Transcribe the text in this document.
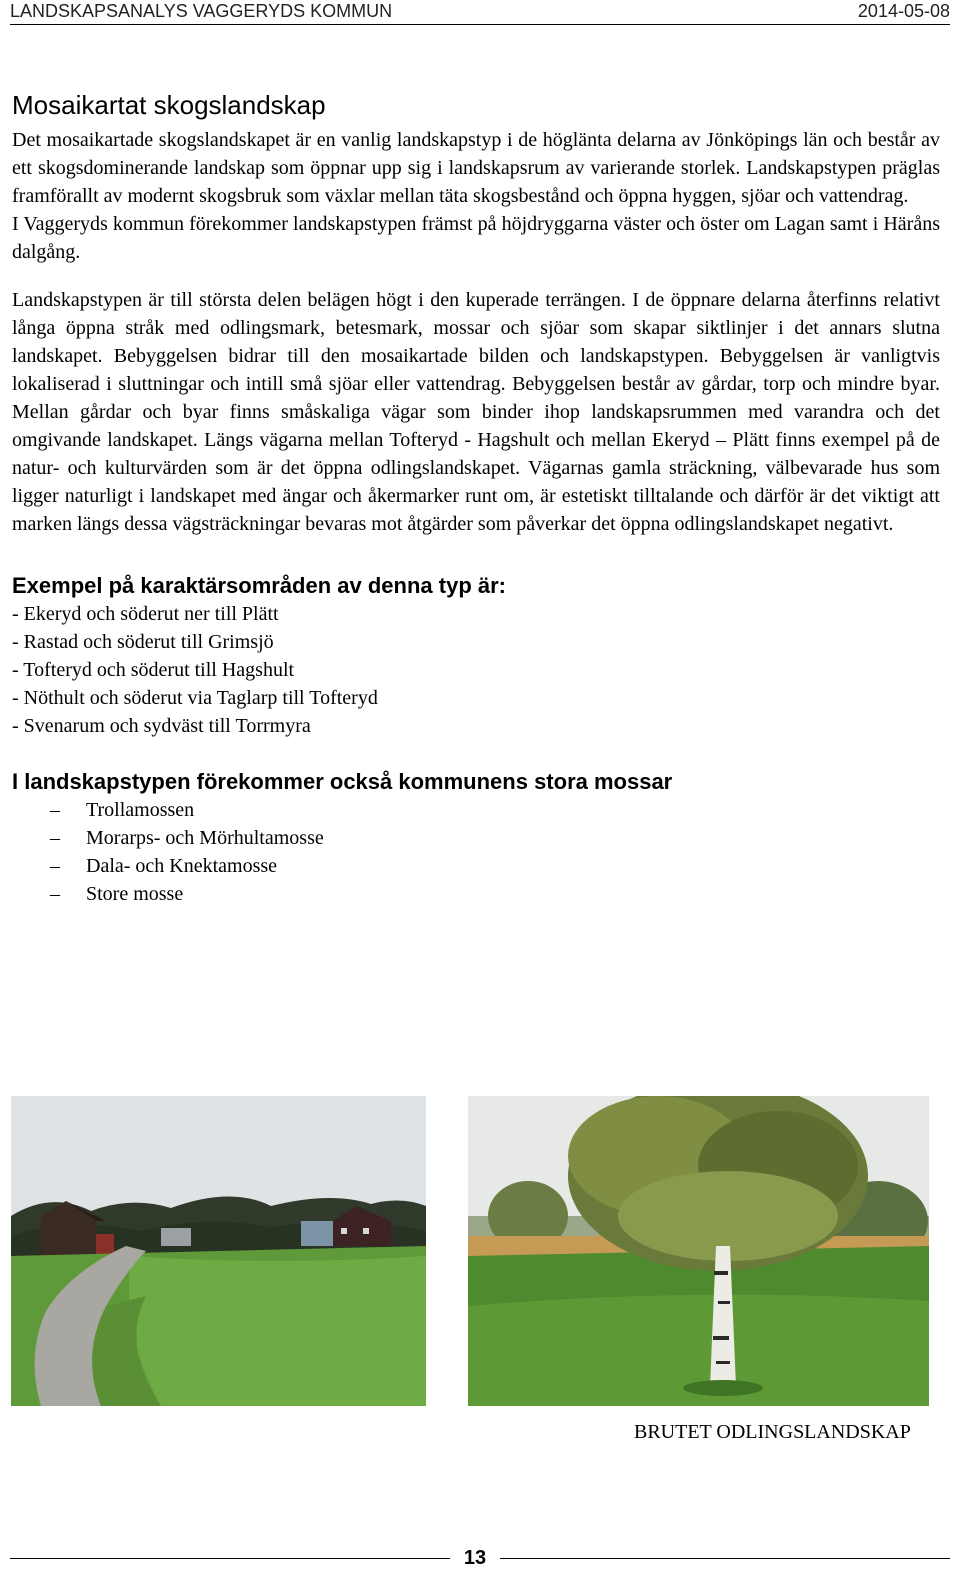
LANDSKAPSANALYS VAGGERYDS KOMMUN	2014-05-08
Mosaikartat skogslandskap

Det mosaikartade skogslandskapet är en vanlig landskapstyp i de höglänta delarna av Jönköpings län och består av ett skogsdominerande landskap som öppnar upp sig i landskapsrum av varierande storlek. Landskapstypen präglas framförallt av modernt skogsbruk som växlar mellan täta skogsbestånd och öppna hyggen, sjöar och vattendrag.

I Vaggeryds kommun förekommer landskapstypen främst på höjdryggarna väster och öster om Lagan samt i Häråns dalgång.

Landskapstypen är till största delen belägen högt i den kuperade terrängen. I de öppnare delarna återfinns relativt långa öppna stråk med odlingsmark, betesmark, mossar och sjöar som skapar siktlinjer i det annars slutna landskapet. Bebyggelsen bidrar till den mosaikartade bilden och landskapstypen. Bebyggelsen är vanligtvis lokaliserad i sluttningar och intill små sjöar eller vattendrag. Bebyggelsen består av gårdar, torp och mindre byar. Mellan gårdar och byar finns småskaliga vägar som binder ihop landskapsrummen med varandra och det omgivande landskapet. Längs vägarna mellan Tofteryd - Hagshult och mellan Ekeryd – Plätt finns exempel på de natur- och kulturvärden som är det öppna odlingslandskapet. Vägarnas gamla sträckning, välbevarade hus som ligger naturligt i landskapet med ängar och åkermarker runt om, är estetiskt tilltalande och därför är det viktigt att marken längs dessa vägsträckningar bevaras mot åtgärder som påverkar det öppna odlingslandskapet negativt.

Exempel på karaktärsområden av denna typ är:
- Ekeryd och söderut ner till Plätt
- Rastad och söderut till Grimsjö
- Tofteryd och söderut till Hagshult
- Nöthult och söderut via Taglarp till Tofteryd
- Svenarum och sydväst till Torrmyra
I landskapstypen förekommer också kommunens stora mossar
–	Trollamossen
–	Morarps- och Mörhultamosse
–	Dala- och Knektamosse
–	Store mosse
BRUTET ODLINGSLANDSKAP
13
